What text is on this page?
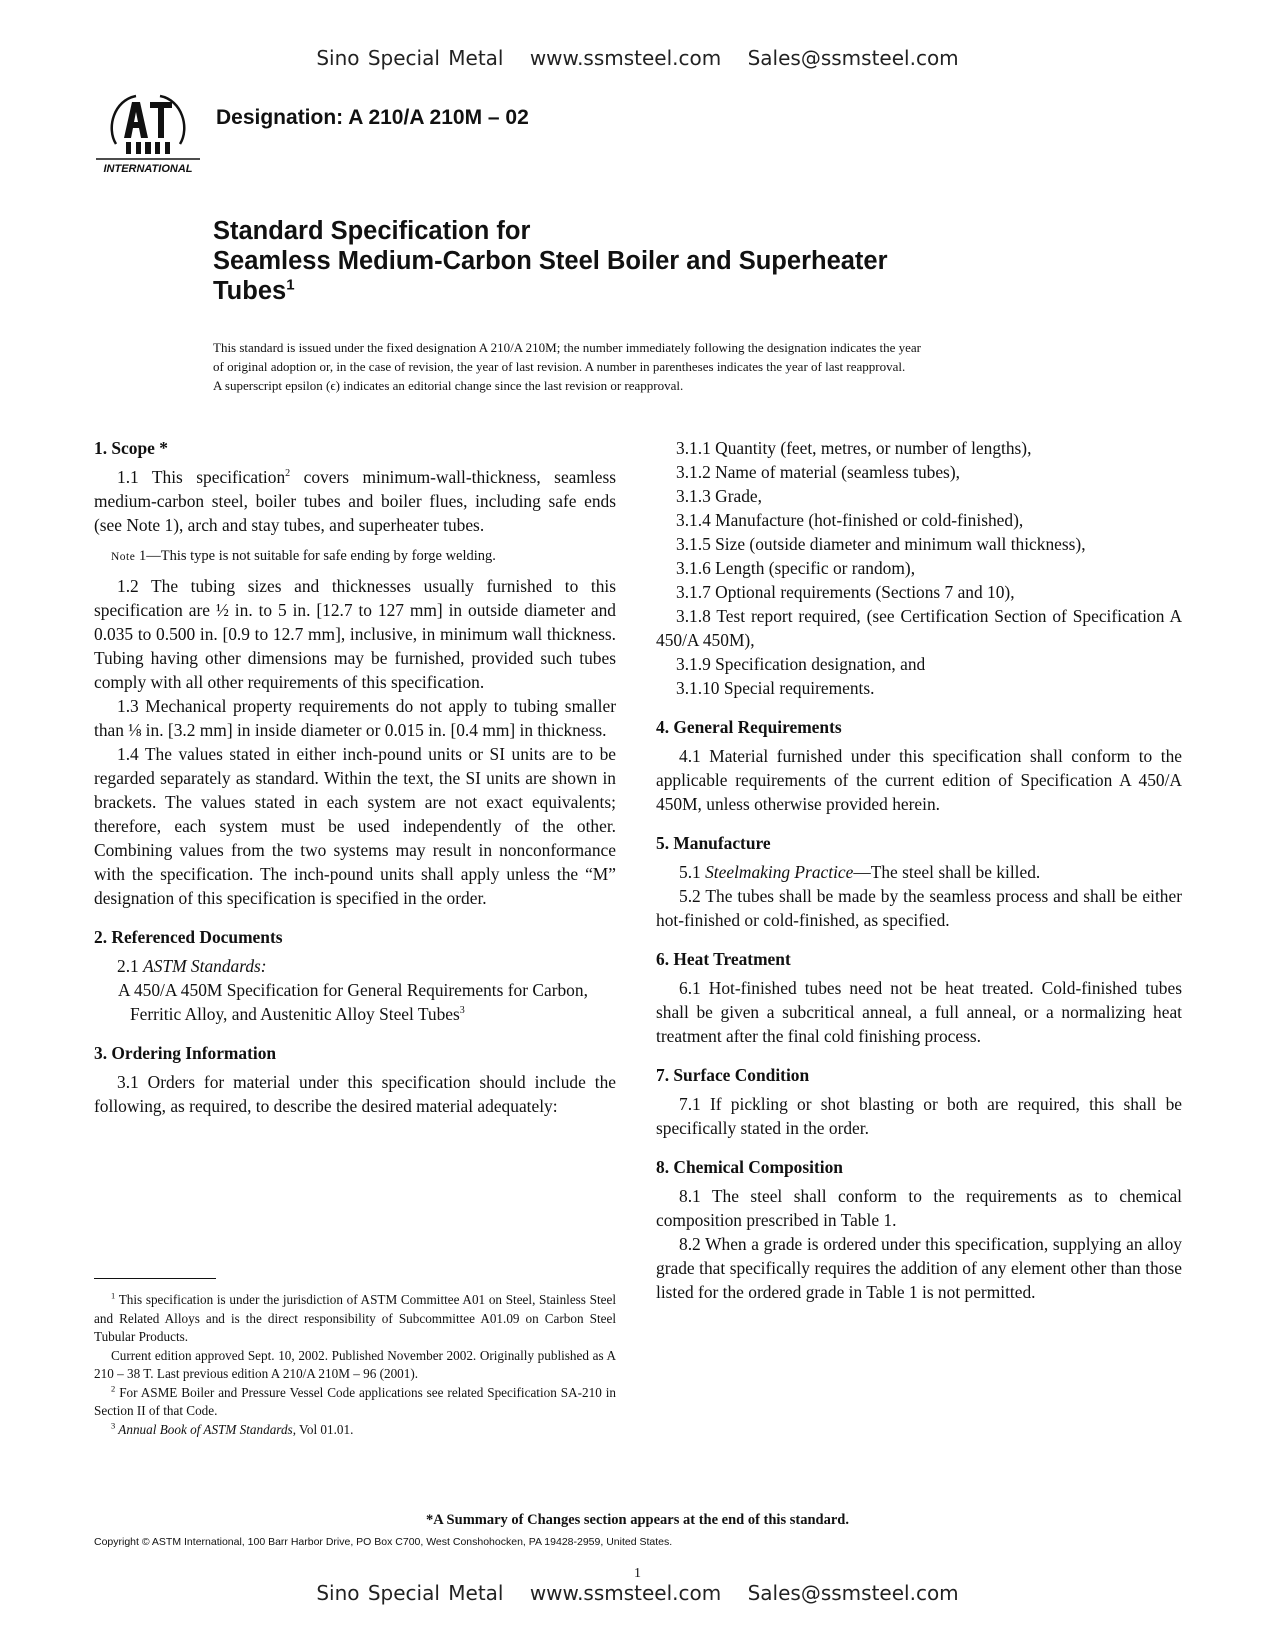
Sino Special Metal www.ssmsteel.com Sales@ssmsteel.com
INTERNATIONAL
Designation: A 210/A 210M – 02
Standard Specification for
Seamless Medium-Carbon Steel Boiler and Superheater
Tubes$^1$
This standard is issued under the fixed designation A 210/A 210M; the number immediately following the designation indicates the year
of original adoption or, in the case of revision, the year of last revision. A number in parentheses indicates the year of last reapproval.
A superscript epsilon (ϵ) indicates an editorial change since the last revision or reapproval.
1. Scope *

1.1 This specification$^2$ covers minimum-wall-thickness, seamless medium-carbon steel, boiler tubes and boiler flues, including safe ends (see Note 1), arch and stay tubes, and superheater tubes.

Note 1—This type is not suitable for safe ending by forge welding.

1.2 The tubing sizes and thicknesses usually furnished to this specification are ½ in. to 5 in. [12.7 to 127 mm] in outside diameter and 0.035 to 0.500 in. [0.9 to 12.7 mm], inclusive, in minimum wall thickness. Tubing having other dimensions may be furnished, provided such tubes comply with all other requirements of this specification.

1.3 Mechanical property requirements do not apply to tubing smaller than ⅛ in. [3.2 mm] in inside diameter or 0.015 in. [0.4 mm] in thickness.

1.4 The values stated in either inch-pound units or SI units are to be regarded separately as standard. Within the text, the SI units are shown in brackets. The values stated in each system are not exact equivalents; therefore, each system must be used independently of the other. Combining values from the two systems may result in nonconformance with the specification. The inch-pound units shall apply unless the “M” designation of this specification is specified in the order.

2. Referenced Documents

2.1 ASTM Standards:

A 450/A 450M Specification for General Requirements for Carbon, Ferritic Alloy, and Austenitic Alloy Steel Tubes$^3$

3. Ordering Information

3.1 Orders for material under this specification should include the following, as required, to describe the desired material adequately:

3.1.1 Quantity (feet, metres, or number of lengths),

3.1.2 Name of material (seamless tubes),

3.1.3 Grade,

3.1.4 Manufacture (hot-finished or cold-finished),

3.1.5 Size (outside diameter and minimum wall thickness),

3.1.6 Length (specific or random),

3.1.7 Optional requirements (Sections 7 and 10),

3.1.8 Test report required, (see Certification Section of Specification A 450/A 450M),

3.1.9 Specification designation, and

3.1.10 Special requirements.

4. General Requirements

4.1 Material furnished under this specification shall conform to the applicable requirements of the current edition of Specification A 450/A 450M, unless otherwise provided herein.

5. Manufacture

5.1 Steelmaking Practice—The steel shall be killed.

5.2 The tubes shall be made by the seamless process and shall be either hot-finished or cold-finished, as specified.

6. Heat Treatment

6.1 Hot-finished tubes need not be heat treated. Cold-finished tubes shall be given a subcritical anneal, a full anneal, or a normalizing heat treatment after the final cold finishing process.

7. Surface Condition

7.1 If pickling or shot blasting or both are required, this shall be specifically stated in the order.

8. Chemical Composition

8.1 The steel shall conform to the requirements as to chemical composition prescribed in Table 1.

8.2 When a grade is ordered under this specification, supplying an alloy grade that specifically requires the addition of any element other than those listed for the ordered grade in Table 1 is not permitted.

$^1$ This specification is under the jurisdiction of ASTM Committee A01 on Steel, Stainless Steel and Related Alloys and is the direct responsibility of Subcommittee A01.09 on Carbon Steel Tubular Products.

Current edition approved Sept. 10, 2002. Published November 2002. Originally published as A 210 – 38 T. Last previous edition A 210/A 210M – 96 (2001).

$^2$ For ASME Boiler and Pressure Vessel Code applications see related Specification SA-210 in Section II of that Code.

$^3$ Annual Book of ASTM Standards, Vol 01.01.

*A Summary of Changes section appears at the end of this standard.
Copyright © ASTM International, 100 Barr Harbor Drive, PO Box C700, West Conshohocken, PA 19428-2959, United States.
1
Sino Special Metal www.ssmsteel.com Sales@ssmsteel.com
